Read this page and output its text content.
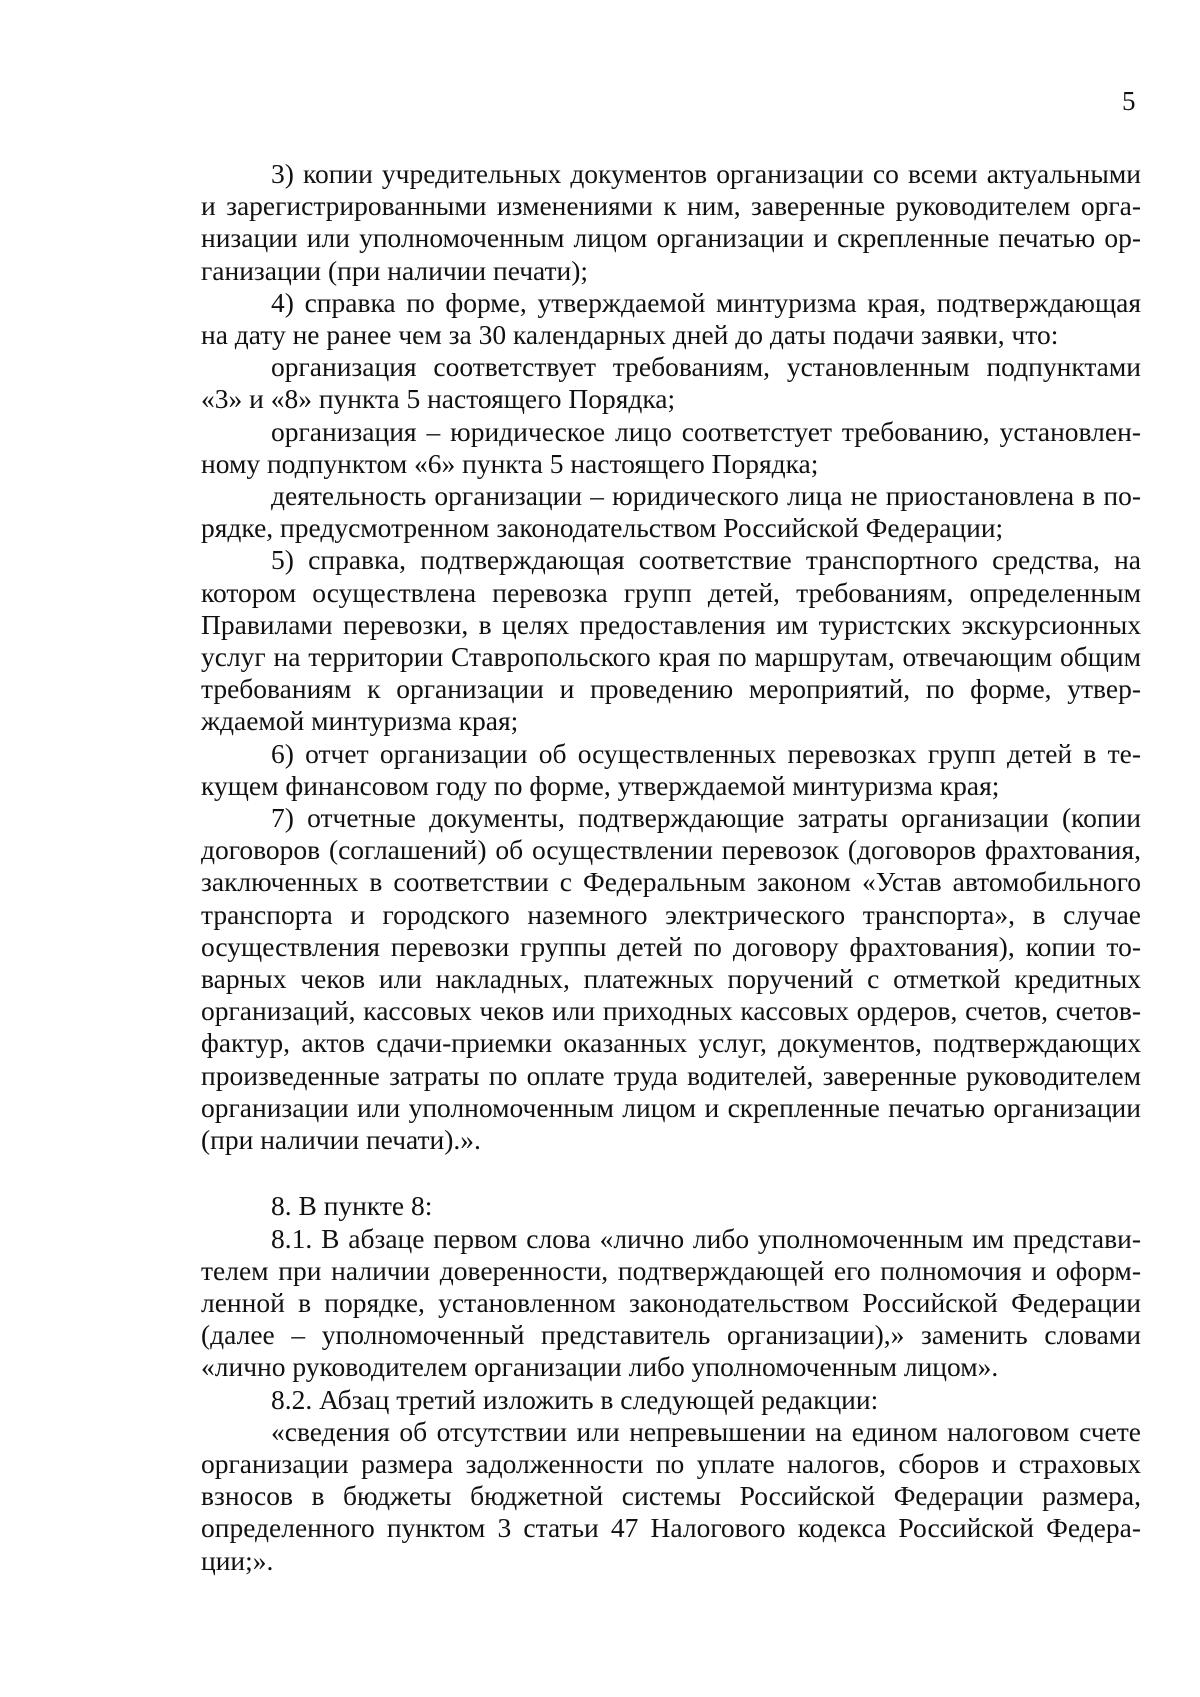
5

3) копии учредительных документов организации со всеми актуальными и зарегистрированными изменениями к ним, заверенные руководителем организации или уполномоченным лицом организации и скрепленные печатью организации (при наличии печати);

4) справка по форме, утверждаемой минтуризма края, подтверждающая на дату не ранее чем за 30 календарных дней до даты подачи заявки, что:

организация соответствует требованиям, установленным подпунктами «3» и «8» пункта 5 настоящего Порядка;

организация – юридическое лицо соответстует требованию, установленному подпунктом «6» пункта 5 настоящего Порядка;

деятельность организации – юридического лица не приостановлена в порядке, предусмотренном законодательством Российской Федерации;

5) справка, подтверждающая соответствие транспортного средства, на котором осуществлена перевозка групп детей, требованиям, определенным Правилами перевозки, в целях предоставления им туристских экскурсионных услуг на территории Ставропольского края по маршрутам, отвечающим общим требованиям к организации и проведению мероприятий, по форме, утверждаемой минтуризма края;

6) отчет организации об осуществленных перевозках групп детей в текущем финансовом году по форме, утверждаемой минтуризма края;

7) отчетные документы, подтверждающие затраты организации (копии договоров (соглашений) об осуществлении перевозок (договоров фрахтования, заключенных в соответствии с Федеральным законом «Устав автомобильного транспорта и городского наземного электрического транспорта», в случае осуществления перевозки группы детей по договору фрахтования), копии товарных чеков или накладных, платежных поручений с отметкой кредитных организаций, кассовых чеков или приходных кассовых ордеров, счетов, счетов-фактур, актов сдачи-приемки оказанных услуг, документов, подтверждающих произведенные затраты по оплате труда водителей, заверенные руководителем организации или уполномоченным лицом и скрепленные печатью организации (при наличии печати).».

8. В пункте 8:

8.1. В абзаце первом слова «лично либо уполномоченным им представителем при наличии доверенности, подтверждающей его полномочия и оформленной в порядке, установленном законодательством Российской Федерации (далее – уполномоченный представитель организации),» заменить словами «лично руководителем организации либо уполномоченным лицом».

8.2. Абзац третий изложить в следующей редакции:

«сведения об отсутствии или непревышении на едином налоговом счете организации размера задолженности по уплате налогов, сборов и страховых взносов в бюджеты бюджетной системы Российской Федерации размера, определенного пунктом 3 статьи 47 Налогового кодекса Российской Федерации;».
